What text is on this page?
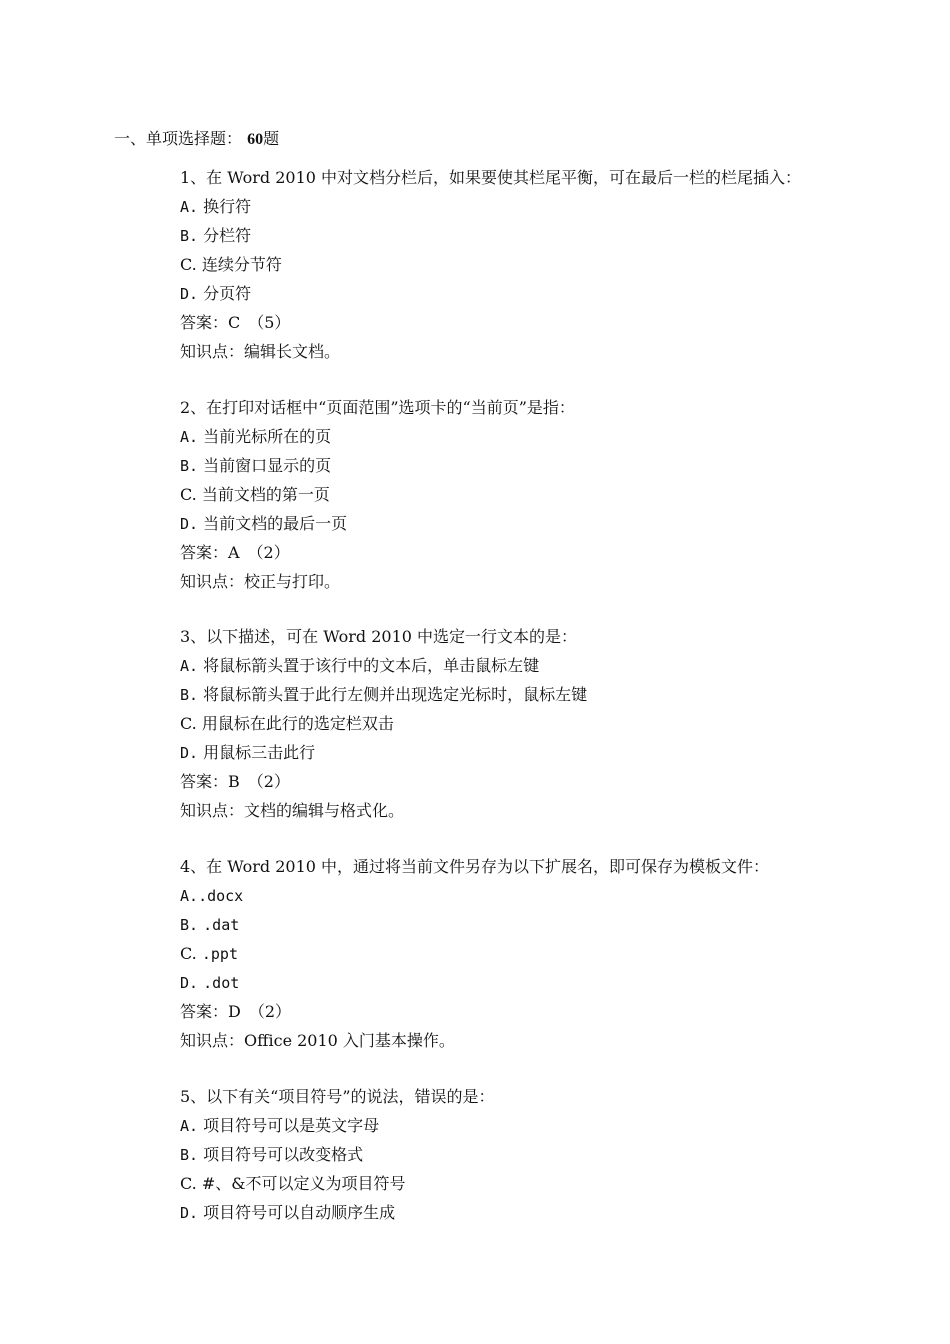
一、单项选择题： 60题
1、在 Word 2010 中对文档分栏后，如果要使其栏尾平衡，可在最后一栏的栏尾插入：
A. 换行符
B. 分栏符
C. 连续分节符
D. 分页符
答案：C　（5）
知识点：编辑长文档。
2、在打印对话框中“页面范围”选项卡的“当前页”是指：
A. 当前光标所在的页
B. 当前窗口显示的页
C. 当前文档的第一页
D. 当前文档的最后一页
答案：A　（2）
知识点：校正与打印。
3、以下描述，可在 Word 2010 中选定一行文本的是：
A. 将鼠标箭头置于该行中的文本后，单击鼠标左键
B. 将鼠标箭头置于此行左侧并出现选定光标时，鼠标左键
C. 用鼠标在此行的选定栏双击
D. 用鼠标三击此行
答案：B　（2）
知识点：文档的编辑与格式化。
4、在 Word 2010 中，通过将当前文件另存为以下扩展名，即可保存为模板文件：
A..docx
B. .dat
C. .ppt
D. .dot
答案：D　（2）
知识点：Office 2010 入门基本操作。
5、以下有关“项目符号”的说法，错误的是：
A. 项目符号可以是英文字母
B. 项目符号可以改变格式
C. #、&不可以定义为项目符号
D. 项目符号可以自动顺序生成
